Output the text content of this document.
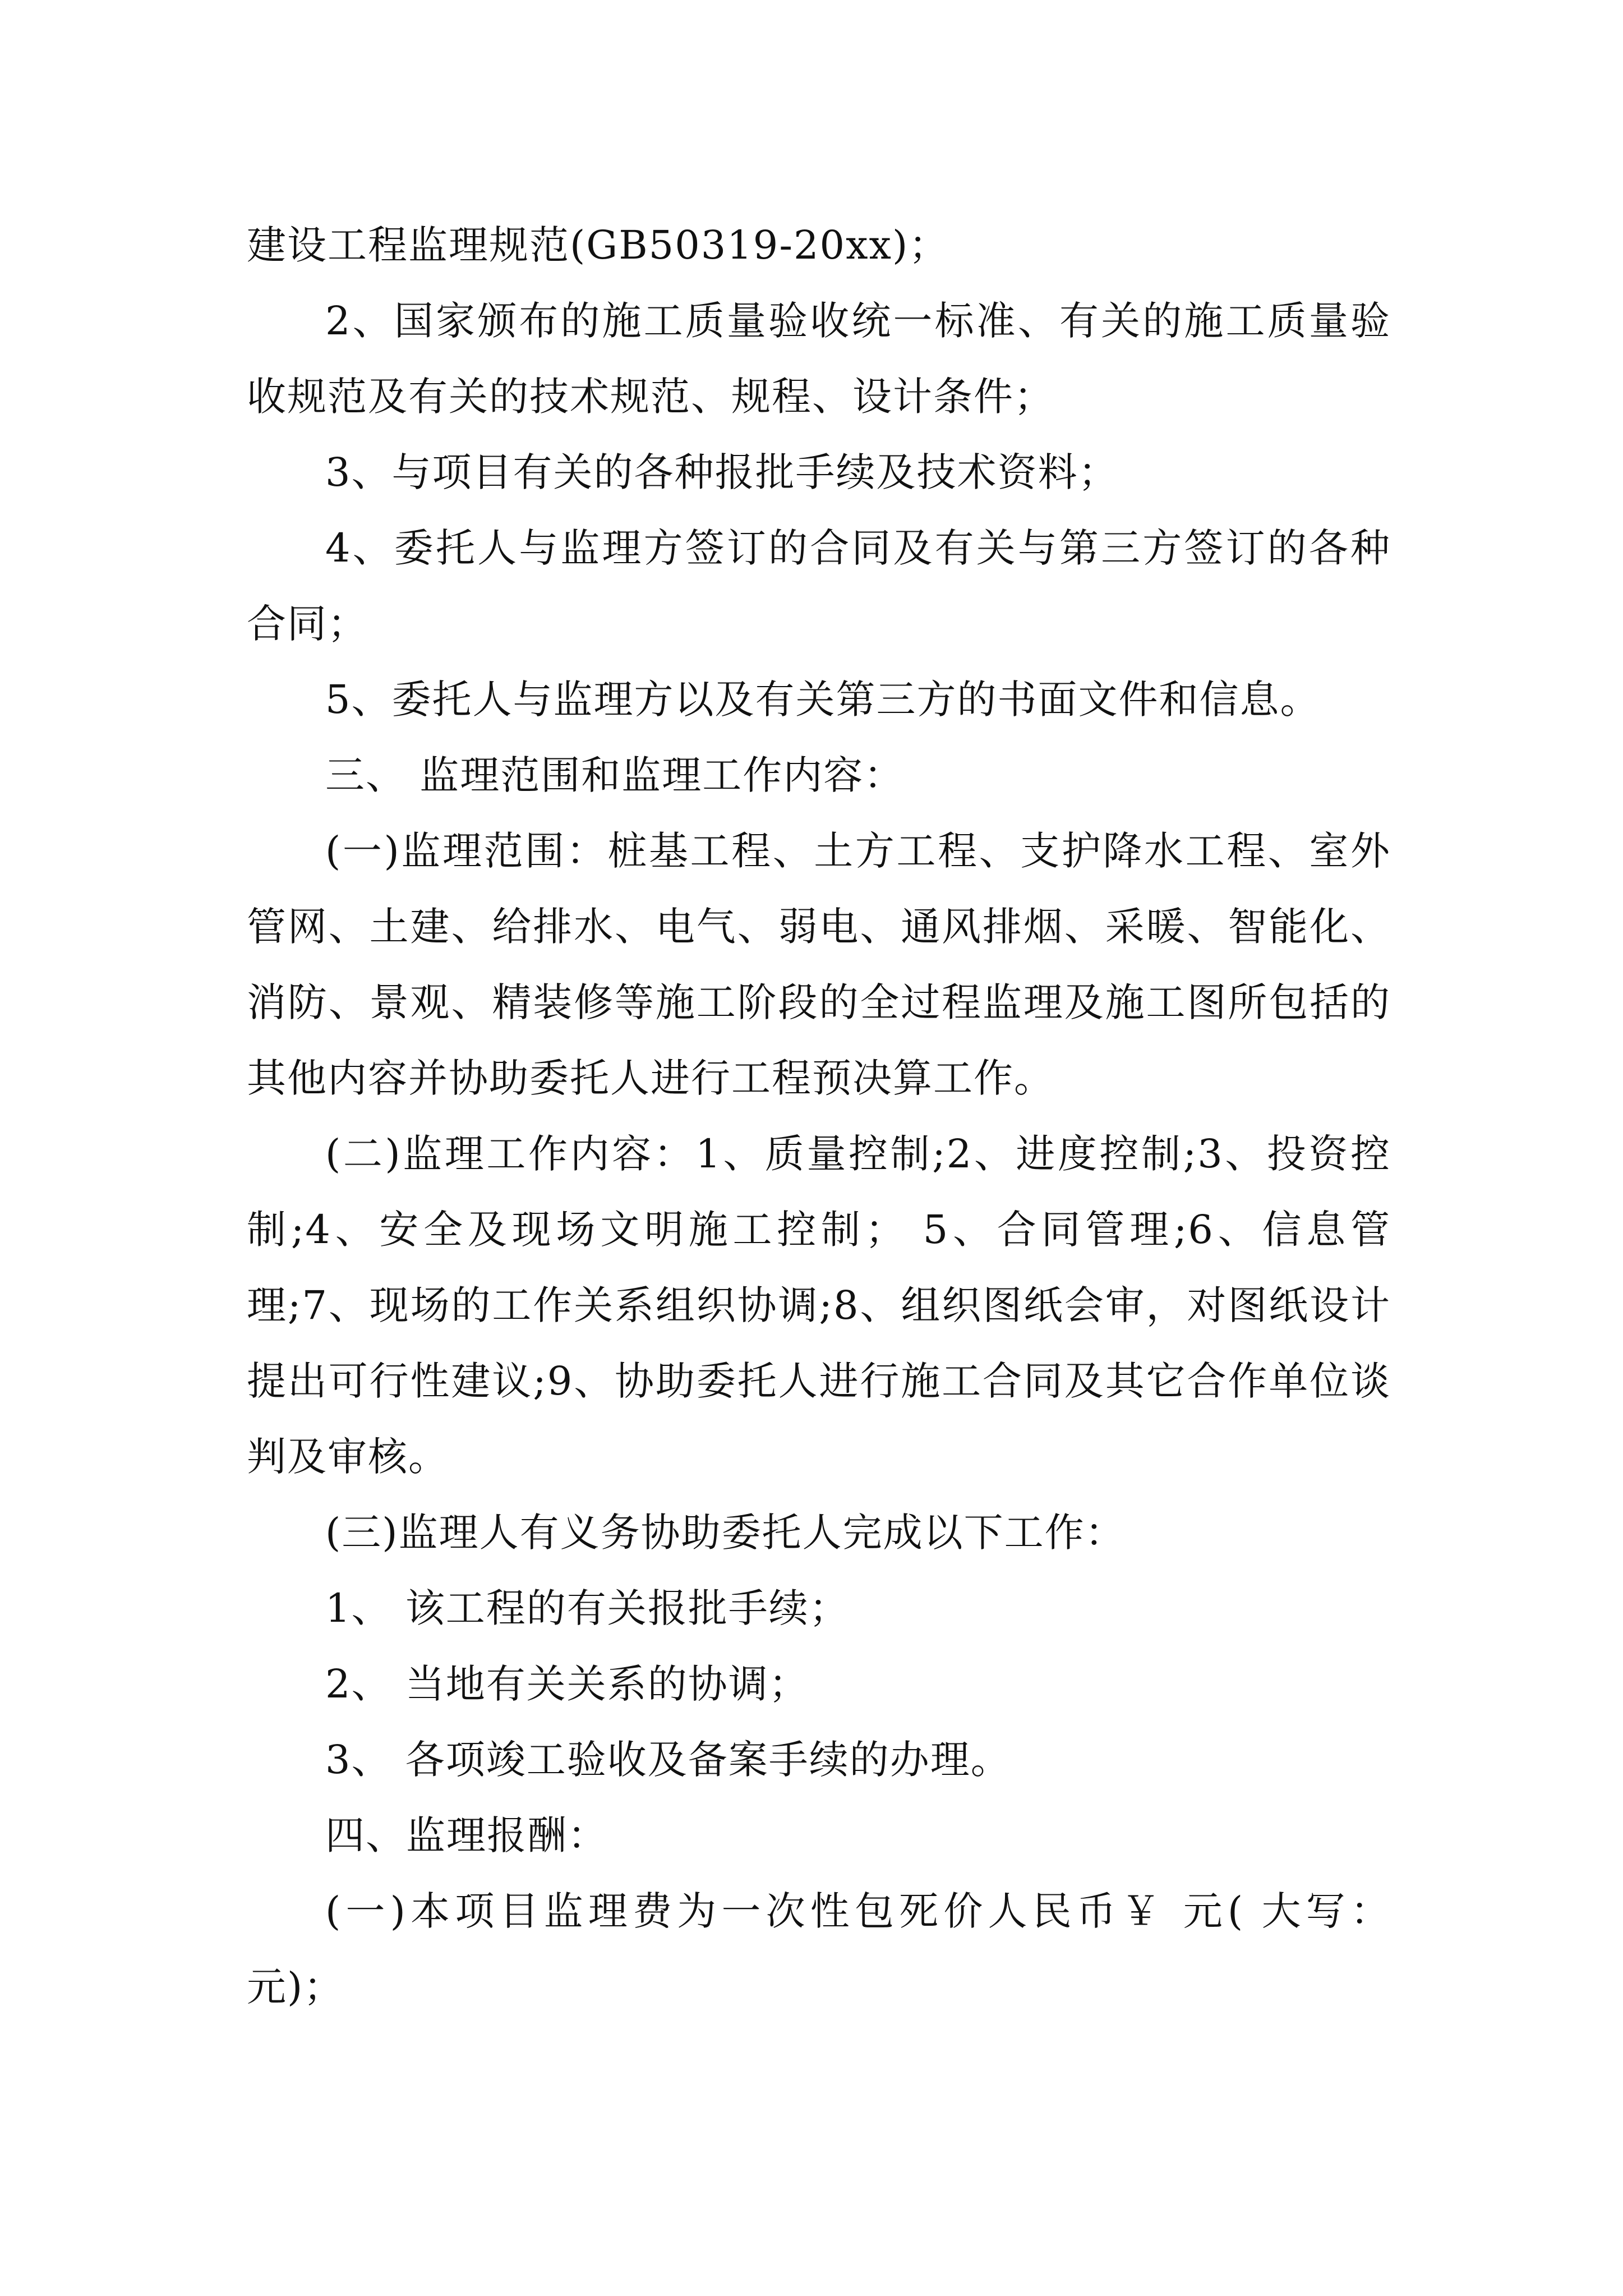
建设工程监理规范(GB50319-20xx)；

2、国家颁布的施工质量验收统一标准、有关的施工质量验收规范及有关的技术规范、规程、设计条件；

3、与项目有关的各种报批手续及技术资料；

4、委托人与监理方签订的合同及有关与第三方签订的各种合同；

5、委托人与监理方以及有关第三方的书面文件和信息。

三、 监理范围和监理工作内容：

(一)监理范围：桩基工程、土方工程、支护降水工程、室外管网、土建、给排水、电气、弱电、通风排烟、采暖、智能化、消防、景观、精装修等施工阶段的全过程监理及施工图所包括的其他内容并协助委托人进行工程预决算工作。

(二)监理工作内容：1、质量控制;2、进度控制;3、投资控制;4、安全及现场文明施工控制； 5、合同管理;6、信息管理;7、现场的工作关系组织协调;8、组织图纸会审，对图纸设计提出可行性建议;9、协助委托人进行施工合同及其它合作单位谈判及审核。

(三)监理人有义务协助委托人完成以下工作：

1、 该工程的有关报批手续；

2、 当地有关关系的协调；

3、 各项竣工验收及备案手续的办理。

四、监理报酬：

(一)本项目监理费为一次性包死价人民币￥ 元( 大写： 元)；
